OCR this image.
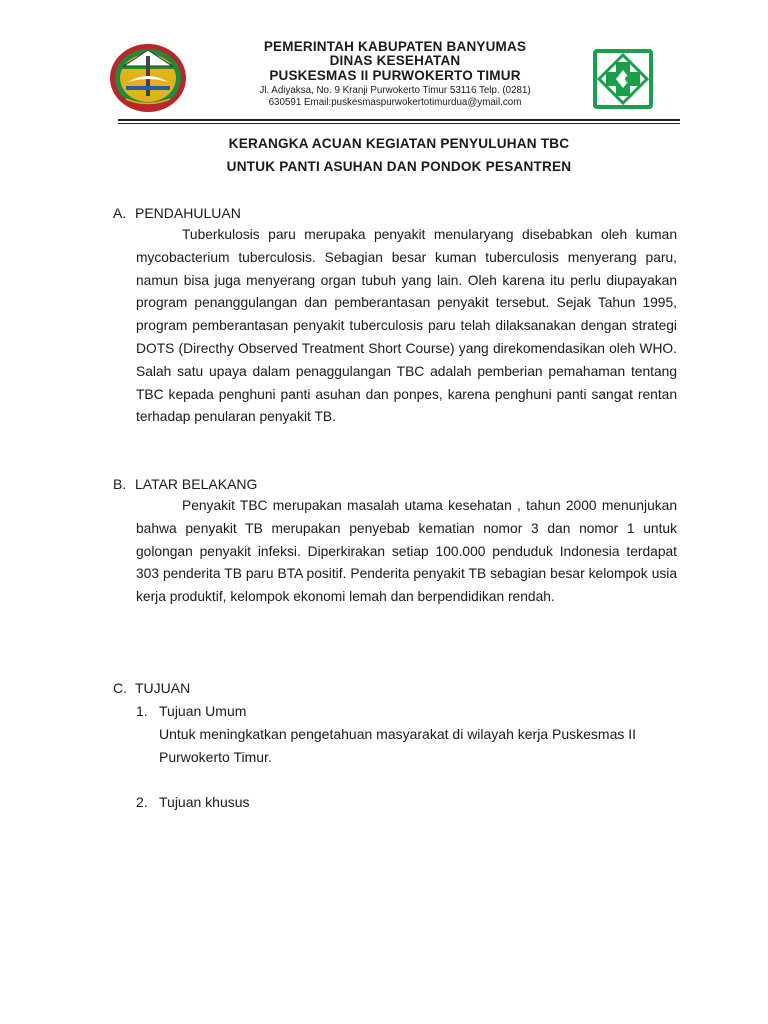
PEMERINTAH KABUPATEN BANYUMAS
DINAS KESEHATAN
PUSKESMAS II PURWOKERTO TIMUR
Jl. Adiyaksa, No. 9 Kranji Purwokerto Timur 53116 Telp. (0281)
630591 Email:puskesmaspurwokertotimurdua@ymail.com
KERANGKA ACUAN KEGIATAN PENYULUHAN TBC
UNTUK PANTI ASUHAN DAN PONDOK PESANTREN
A. PENDAHULUAN
Tuberkulosis paru merupaka penyakit menularyang disebabkan oleh kuman mycobacterium tuberculosis. Sebagian besar kuman tuberculosis menyerang paru, namun bisa juga menyerang organ tubuh yang lain. Oleh karena itu perlu diupayakan program penanggulangan dan pemberantasan penyakit tersebut. Sejak Tahun 1995, program pemberantasan penyakit tuberculosis paru telah dilaksanakan dengan strategi DOTS (Directhy Observed Treatment Short Course) yang direkomendasikan oleh WHO. Salah satu upaya dalam penaggulangan TBC adalah pemberian pemahaman tentang TBC kepada penghuni panti asuhan dan ponpes, karena penghuni panti sangat rentan terhadap penularan penyakit TB.
B. LATAR BELAKANG
Penyakit TBC merupakan masalah utama kesehatan , tahun 2000 menunjukan bahwa penyakit TB merupakan penyebab kematian nomor 3 dan nomor 1 untuk golongan penyakit infeksi. Diperkirakan setiap 100.000 penduduk Indonesia terdapat 303 penderita TB paru BTA positif. Penderita penyakit TB sebagian besar kelompok usia kerja produktif, kelompok ekonomi lemah dan berpendidikan rendah.
C. TUJUAN
1. Tujuan Umum
Untuk meningkatkan pengetahuan masyarakat di wilayah kerja Puskesmas II Purwokerto Timur.
2. Tujuan khusus
